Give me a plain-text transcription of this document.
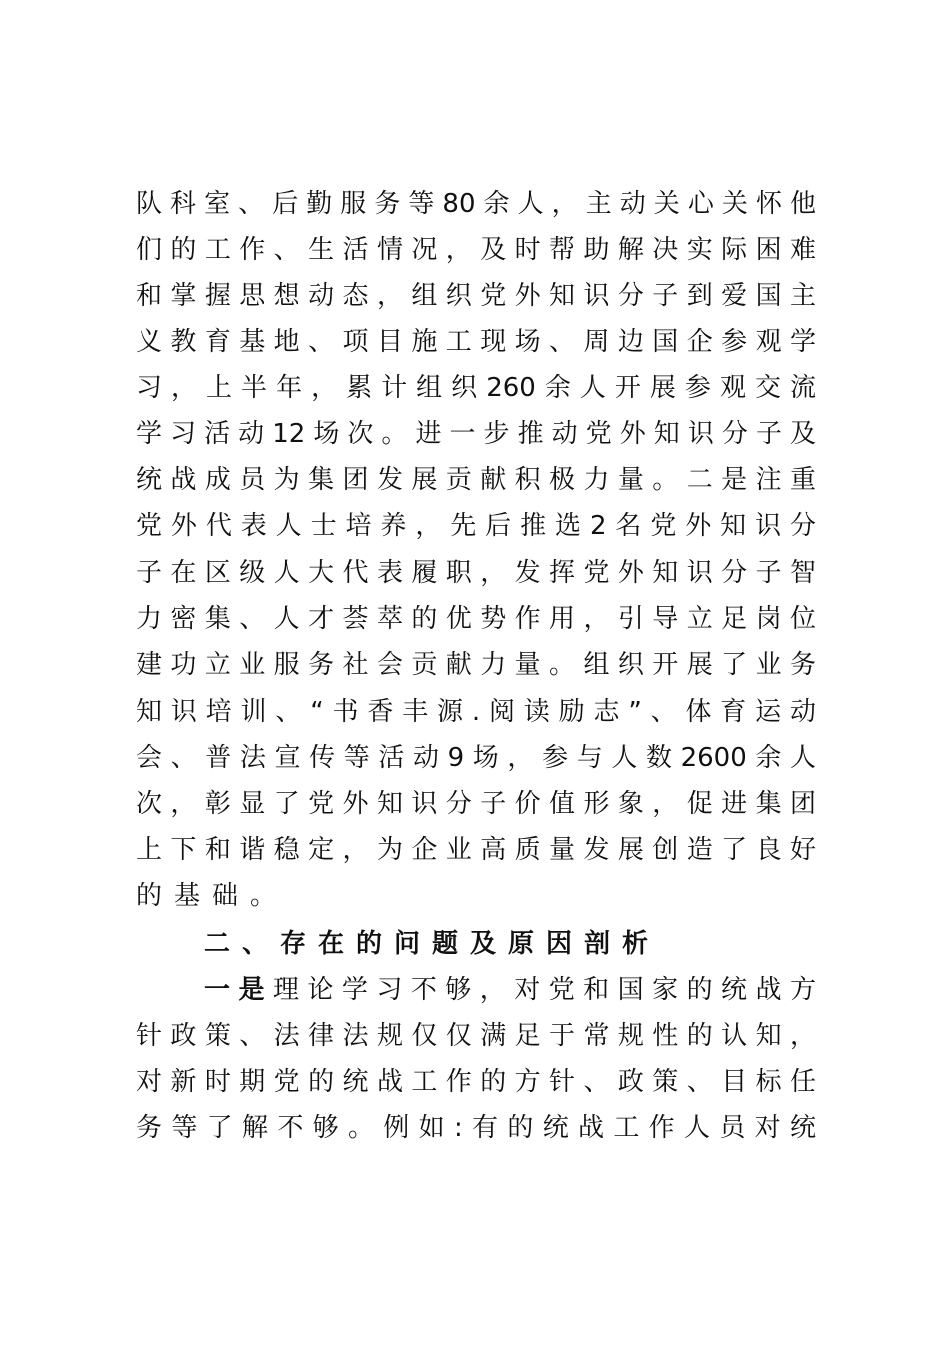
队科室、后勤服务等80余人，主动关心关怀他
们的工作、生活情况，及时帮助解决实际困难
和掌握思想动态，组织党外知识分子到爱国主
义教育基地、项目施工现场、周边国企参观学
习，上半年，累计组织260余人开展参观交流
学习活动12场次。进一步推动党外知识分子及
统战成员为集团发展贡献积极力量。二是注重
党外代表人士培养，先后推选2名党外知识分
子在区级人大代表履职，发挥党外知识分子智
力密集、人才荟萃的优势作用，引导立足岗位
建功立业服务社会贡献力量。组织开展了业务
知识培训、“书香丰源.阅读励志”、体育运动
会、普法宣传等活动9场，参与人数2600余人
次，彰显了党外知识分子价值形象，促进集团
上下和谐稳定，为企业高质量发展创造了良好
的基础。
二、存在的问题及原因剖析
一是理论学习不够，对党和国家的统战方
针政策、法律法规仅仅满足于常规性的认知，
对新时期党的统战工作的方针、政策、目标任
务等了解不够。例如:有的统战工作人员对统
